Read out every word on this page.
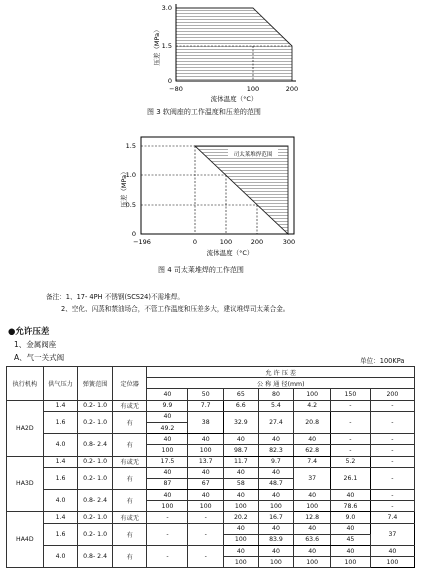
3.0
1.5
0
−80	100	200
压差（MPa）
流体温度（°C）
图 3 软阀座的工作温度和压差的范围
司太莱堆焊范围
1.5
1.0
0.5
0
−196	0	100	200	300
压差（MPa）
流体温度（°C）
图 4 司太莱堆焊的工作范围
备注：1、17- 4PH 不锈钢(SCS24)不需堆焊。
2、空化、闪蒸和禁油场合，不管工作温度和压差多大，建议堆焊司太莱合金。
●允许压差
1、金属阀座
A、气一关式阀	单位：100KPa
执行机构	供气压力	弹簧范围	定位器	允 许 压 差						
				公 称 通 径(mm)						
				40	50	65	80	100	150	200
HA2D	1.4	0.2- 1.0	有或无	9.9	7.7	6.6	5.4	4.2	-	-
	1.6	0.2- 1.0	有	40	38	32.9	27.4	20.8	-	-
				49.2						
	4.0	0.8- 2.4	有	40	40	40	40	40	-	-
				100	100	98.7	82.3	62.8	-	-
HA3D	1.4	0.2- 1.0	有或无	17.5	13.7	11.7	9.7	7.4	5.2	-
	1.6	0.2- 1.0	有	40	40	40	40	37	26.1	-
				87	67	58	48.7			
	4.0	0.8- 2.4	有	40	40	40	40	40	40	-
				100	100	100	100	100	78.6	-
HA4D	1.4	0.2- 1.0	有或无	-	-	20.2	16.7	12.8	9.0	7.4
	1.6	0.2- 1.0	有	-	-	40	40	40	40	37
						100	83.9	63.6	45	
	4.0	0.8- 2.4	有	-	-	40	40	40	40	40
						100	100	100	100	100
